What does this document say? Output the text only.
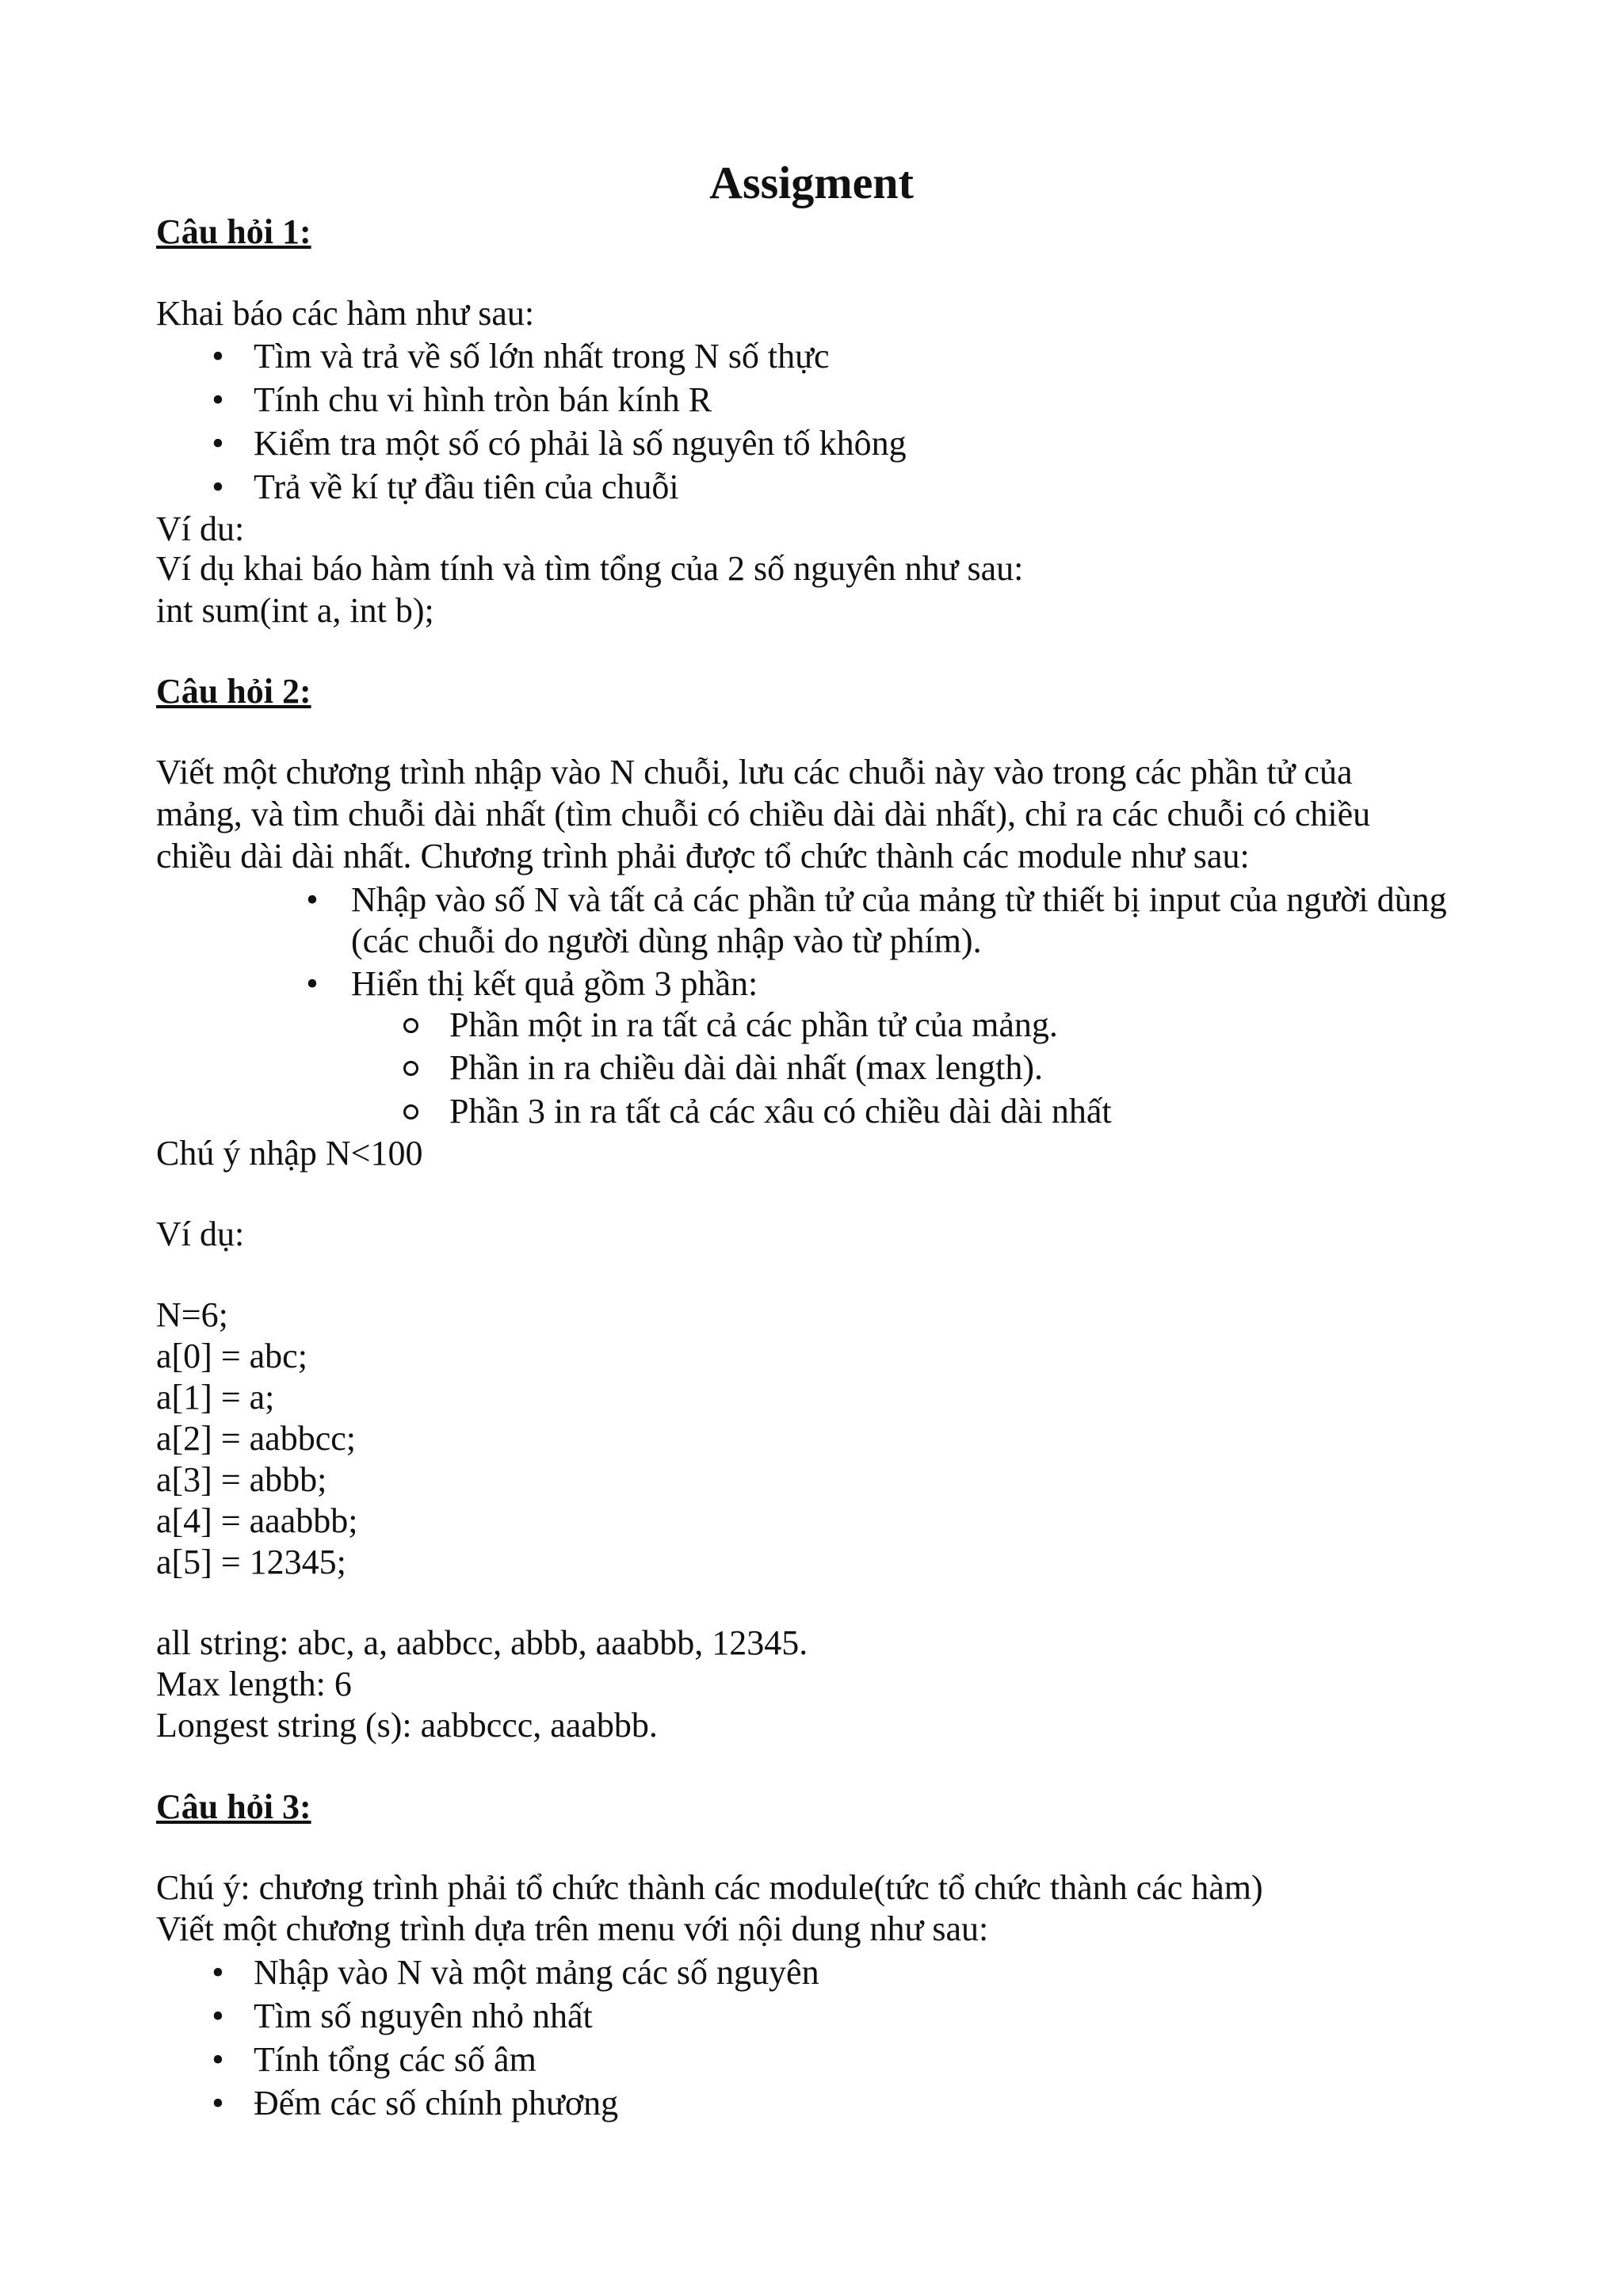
Assigment
Câu hỏi 1:
Khai báo các hàm như sau:
• Tìm và trả về số lớn nhất trong N số thực
• Tính chu vi hình tròn bán kính R
• Kiểm tra một số có phải là số nguyên tố không
• Trả về kí tự đầu tiên của chuỗi
Ví du:
Ví dụ khai báo hàm tính và tìm tổng của 2 số nguyên như sau:
int sum(int a, int b);
Câu hỏi 2:
Viết một chương trình nhập vào N chuỗi, lưu các chuỗi này vào trong các phần tử của
mảng, và tìm chuỗi dài nhất (tìm chuỗi có chiều dài dài nhất), chỉ ra các chuỗi có chiều
chiều dài dài nhất. Chương trình phải được tổ chức thành các module như sau:
• Nhập vào số N và tất cả các phần tử của mảng từ thiết bị input của người dùng
(các chuỗi do người dùng nhập vào từ phím).
• Hiển thị kết quả gồm 3 phần:
Phần một in ra tất cả các phần tử của mảng.
Phần in ra chiều dài dài nhất (max length).
Phần 3 in ra tất cả các xâu có chiều dài dài nhất
Chú ý nhập N<100
Ví dụ:
N=6;
a[0] = abc;
a[1] = a;
a[2] = aabbcc;
a[3] = abbb;
a[4] = aaabbb;
a[5] = 12345;
all string: abc, a, aabbcc, abbb, aaabbb, 12345.
Max length: 6
Longest string (s): aabbccc, aaabbb.
Câu hỏi 3:
Chú ý: chương trình phải tổ chức thành các module(tức tổ chức thành các hàm)
Viết một chương trình dựa trên menu với nội dung như sau:
• Nhập vào N và một mảng các số nguyên
• Tìm số nguyên nhỏ nhất
• Tính tổng các số âm
• Đếm các số chính phương
